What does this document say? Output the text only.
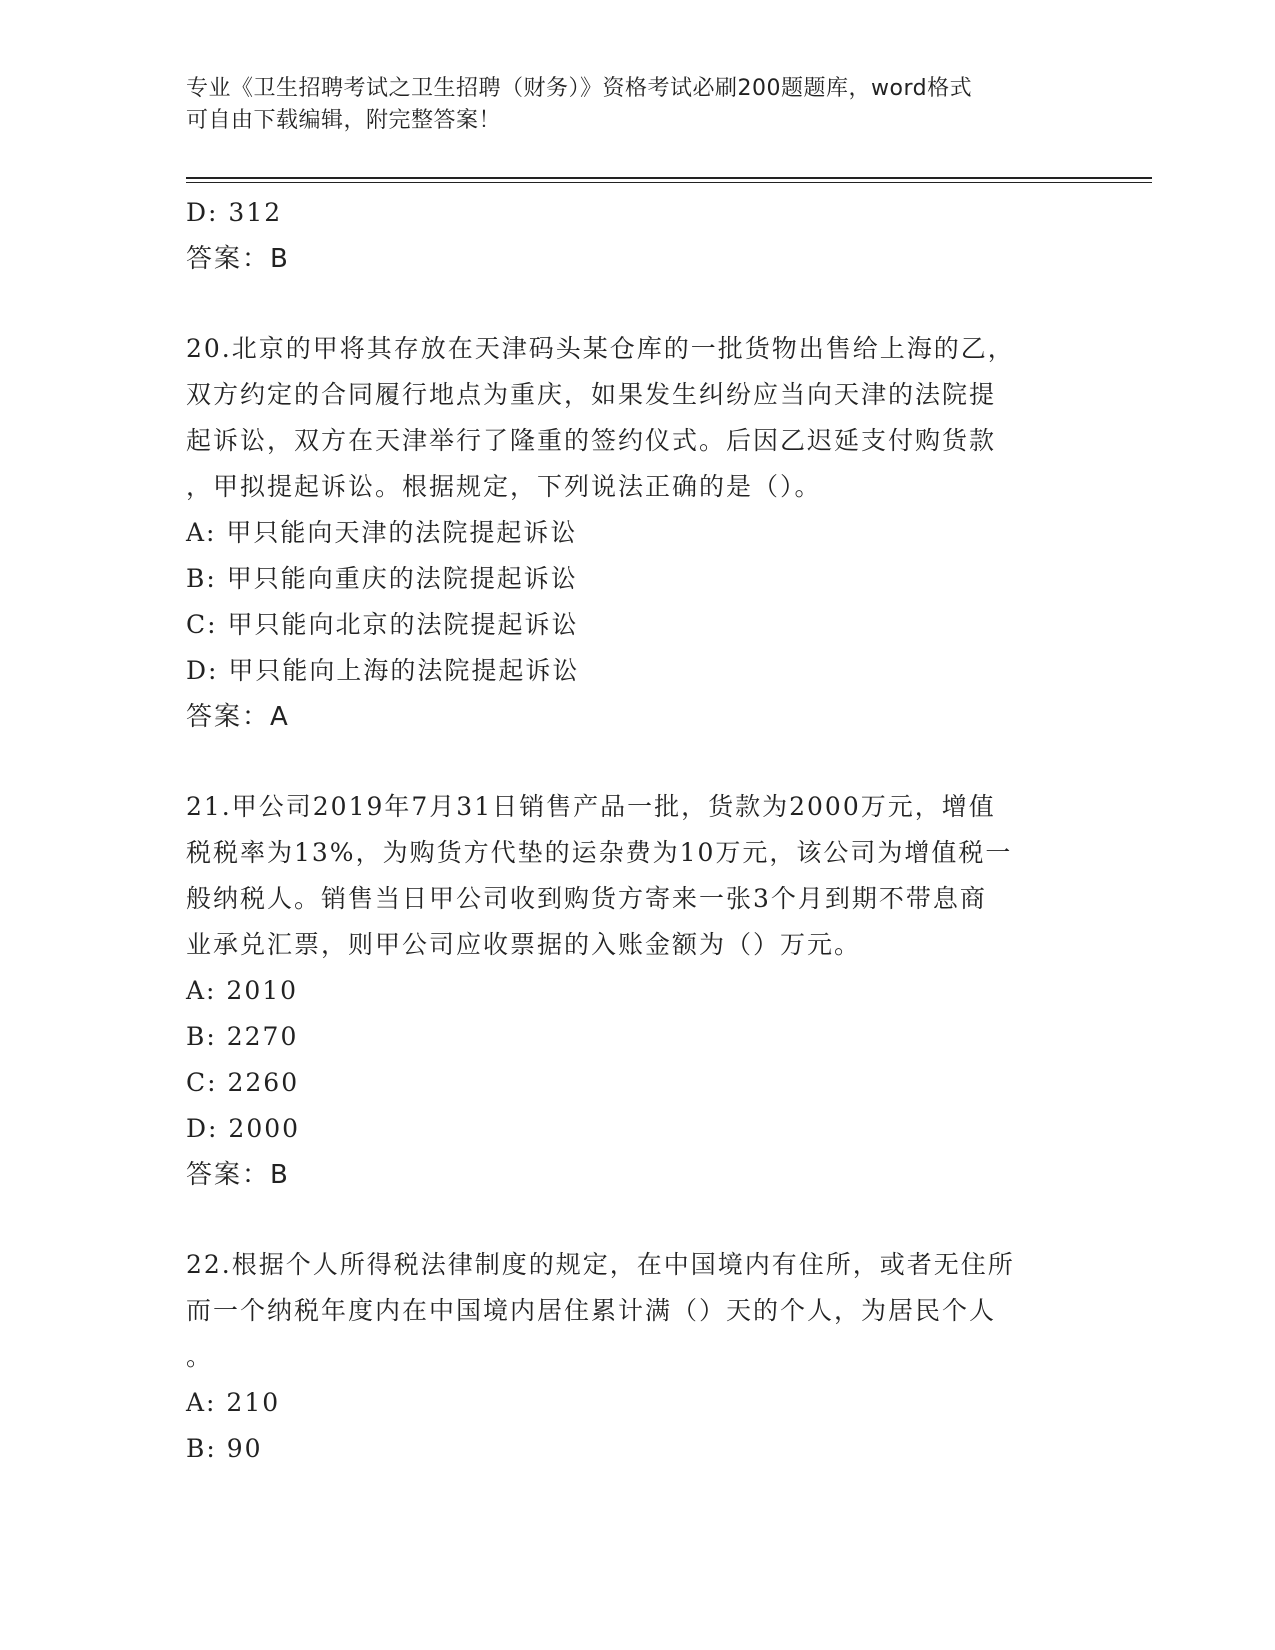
专业《卫生招聘考试之卫生招聘（财务）》资格考试必刷200题题库，word格式
可自由下载编辑，附完整答案！
D: 312
答案：B
20.北京的甲将其存放在天津码头某仓库的一批货物出售给上海的乙，
双方约定的合同履行地点为重庆，如果发生纠纷应当向天津的法院提
起诉讼，双方在天津举行了隆重的签约仪式。后因乙迟延支付购货款
，甲拟提起诉讼。根据规定，下列说法正确的是（）。
A: 甲只能向天津的法院提起诉讼
B: 甲只能向重庆的法院提起诉讼
C: 甲只能向北京的法院提起诉讼
D: 甲只能向上海的法院提起诉讼
答案：A
21.甲公司2019年7月31日销售产品一批，货款为2000万元，增值
税税率为13%，为购货方代垫的运杂费为10万元，该公司为增值税一
般纳税人。销售当日甲公司收到购货方寄来一张3个月到期不带息商
业承兑汇票，则甲公司应收票据的入账金额为（）万元。
A: 2010
B: 2270
C: 2260
D: 2000
答案：B
22.根据个人所得税法律制度的规定，在中国境内有住所，或者无住所
而一个纳税年度内在中国境内居住累计满（）天的个人，为居民个人
。
A: 210
B: 90
